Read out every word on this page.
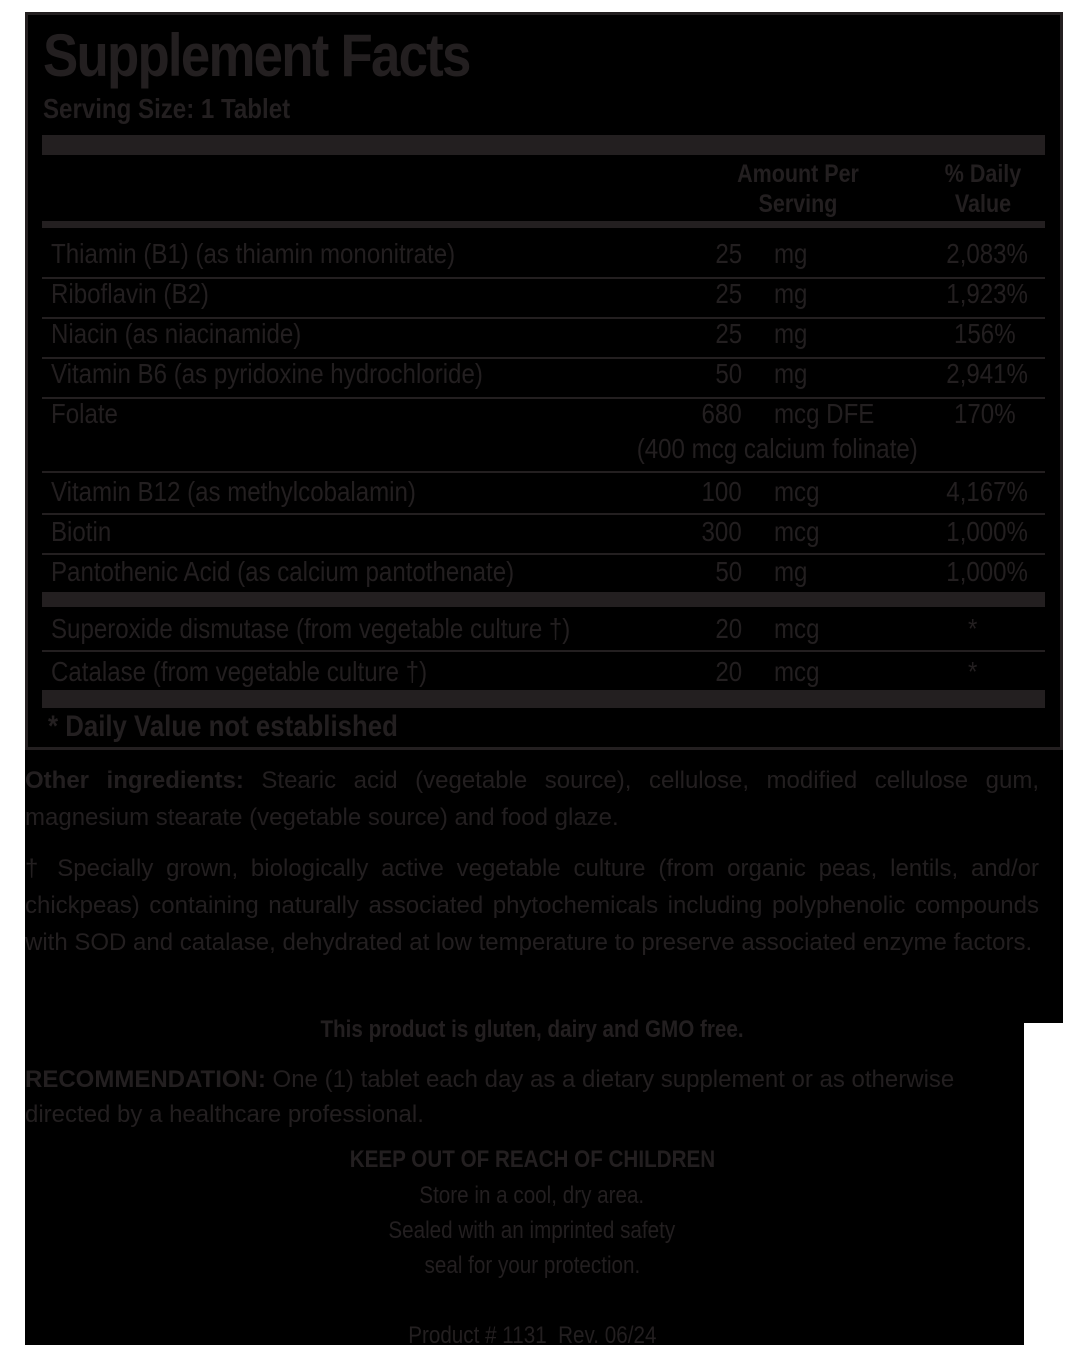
Supplement Facts
Serving Size: 1 Tablet
Amount Per
Serving
% Daily
Value
Thiamin (B1) (as thiamin mononitrate)	25 mg	2,083%
Riboflavin (B2)	25 mg	1,923%
Niacin (as niacinamide)	25 mg	156%
Vitamin B6 (as pyridoxine hydrochloride)	50 mg	2,941%
Folate	680 mcg DFE	170%
(400 mcg calcium folinate)
Vitamin B12 (as methylcobalamin)	100 mcg	4,167%
Biotin	300 mcg	1,000%
Pantothenic Acid (as calcium pantothenate)	50 mg	1,000%
Superoxide dismutase (from vegetable culture †)	20 mcg	*
Catalase (from vegetable culture †)	20 mcg	*
* Daily Value not established
Other ingredients: Stearic acid (vegetable source), cellulose, modified cellulose gum, magnesium stearate (vegetable source) and food glaze.
† Specially grown, biologically active vegetable culture (from organic peas, lentils, and/or chickpeas) containing naturally associated phytochemicals including polyphenolic compounds with SOD and catalase, dehydrated at low temperature to preserve associated enzyme factors.
This product is gluten, dairy and GMO free.
RECOMMENDATION: One (1) tablet each day as a dietary supplement or as otherwise directed by a healthcare professional.
KEEP OUT OF REACH OF CHILDREN
Store in a cool, dry area.
Sealed with an imprinted safety
seal for your protection.
Product # 1131  Rev. 06/24
